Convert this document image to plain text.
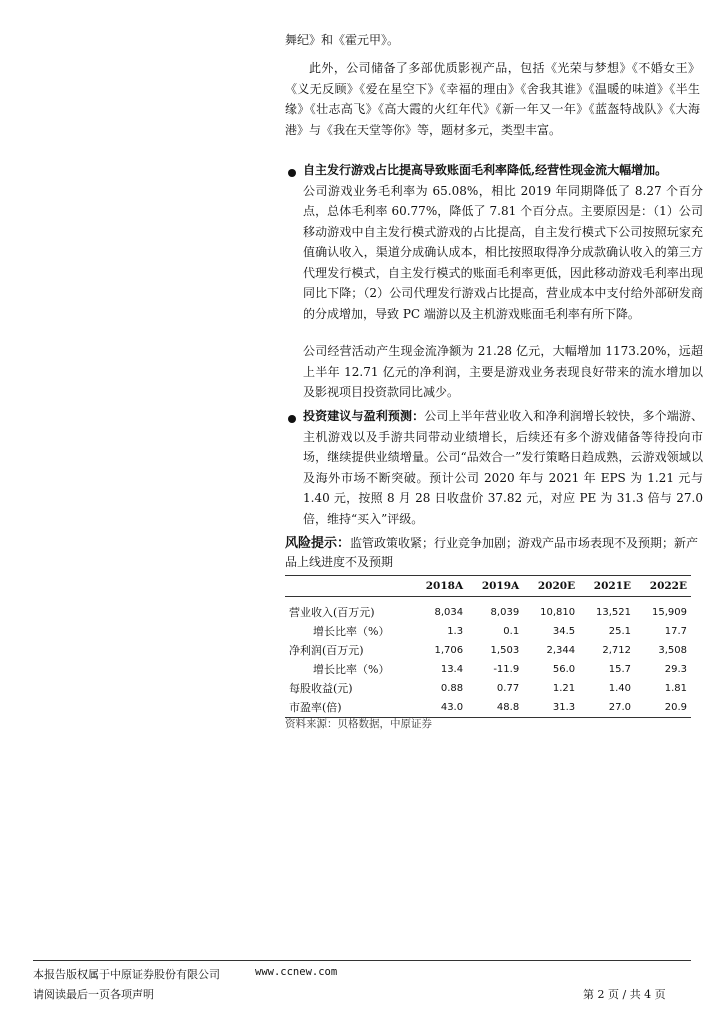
舞纪》和《霍元甲》。

此外，公司储备了多部优质影视产品，包括《光荣与梦想》《不婚女王》《义无反顾》《爱在星空下》《幸福的理由》《舍我其谁》《温暖的味道》《半生缘》《壮志高飞》《高大霞的火红年代》《新一年又一年》《蓝盔特战队》《大海港》与《我在天堂等你》等，题材多元，类型丰富。

自主发行游戏占比提高导致账面毛利率降低,经营性现金流大幅增加。
公司游戏业务毛利率为 65.08%，相比 2019 年同期降低了 8.27 个百分点，总体毛利率 60.77%，降低了 7.81 个百分点。主要原因是：（1）公司移动游戏中自主发行模式游戏的占比提高，自主发行模式下公司按照玩家充值确认收入，渠道分成确认成本，相比按照取得净分成款确认收入的第三方代理发行模式，自主发行模式的账面毛利率更低，因此移动游戏毛利率出现同比下降；（2）公司代理发行游戏占比提高，营业成本中支付给外部研发商的分成增加，导致 PC 端游以及主机游戏账面毛利率有所下降。
公司经营活动产生现金流净额为 21.28 亿元，大幅增加 1173.20%，远超上半年 12.71 亿元的净利润，主要是游戏业务表现良好带来的流水增加以及影视项目投资款同比减少。
投资建议与盈利预测：公司上半年营业收入和净利润增长较快，多个端游、主机游戏以及手游共同带动业绩增长，后续还有多个游戏储备等待投向市场，继续提供业绩增量。公司“品效合一”发行策略日趋成熟，云游戏领域以及海外市场不断突破。预计公司 2020 年与 2021 年 EPS 为 1.21 元与 1.40 元，按照 8 月 28 日收盘价 37.82 元，对应 PE 为 31.3 倍与 27.0 倍，维持“买入”评级。
风险提示：监管政策收紧；行业竞争加剧；游戏产品市场表现不及预期；新产品上线进度不及预期
	2018A	2019A	2020E	2021E	2022E

营业收入(百万元)	8,034	8,039	10,810	13,521	15,909
增长比率（%）	1.3	0.1	34.5	25.1	17.7
净利润(百万元)	1,706	1,503	2,344	2,712	3,508
增长比率（%）	13.4	-11.9	56.0	15.7	29.3
每股收益(元)	0.88	0.77	1.21	1.40	1.81
市盈率(倍)	43.0	48.8	31.3	27.0	20.9
资料来源：贝格数据，中原证券
本报告版权属于中原证券股份有限公司	www.ccnew.com
请阅读最后一页各项声明	第 2 页 / 共 4 页
